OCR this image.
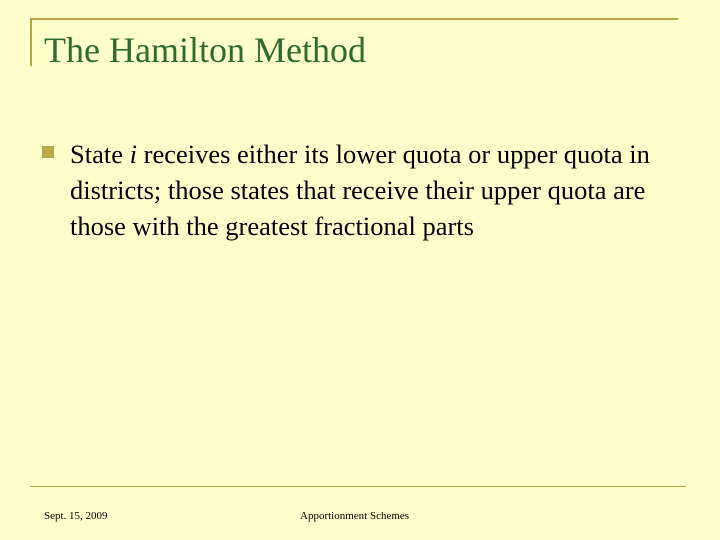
The Hamilton Method
State i receives either its lower quota or upper quota in districts; those states that receive their upper quota are those with the greatest fractional parts
Sept. 15, 2009	Apportionment Schemes
